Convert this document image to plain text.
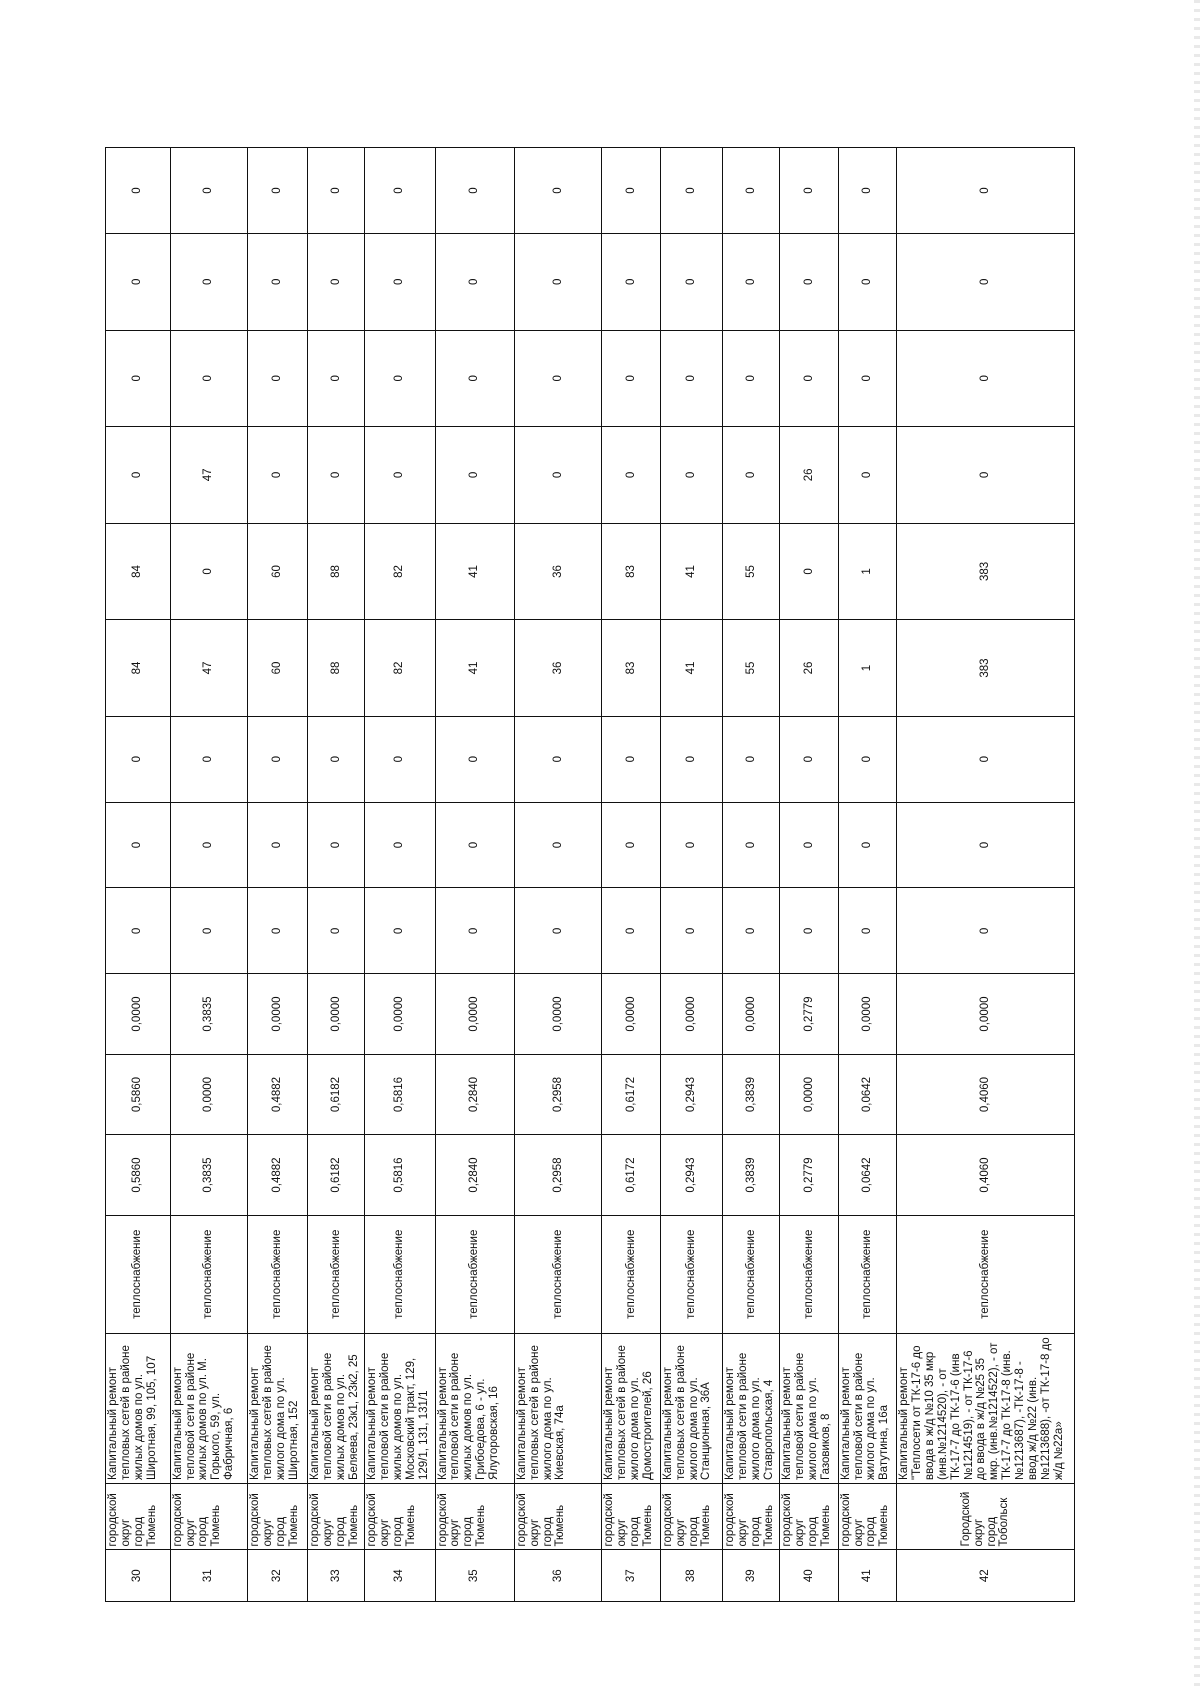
30	городской округ город Тюмень	Капитальный ремонт тепловых сетей в районе жилых домов по ул. Широтная, 99, 105, 107	теплоснабжение	0,5860	0,5860	0,0000	0	0	0	84	84	0	0	0	0
31	городской округ город Тюмень	Капитальный ремонт тепловой сети в районе жилых домов по ул. М. Горького, 59, ул. Фабричная, 6	теплоснабжение	0,3835	0,0000	0,3835	0	0	0	47	0	47	0	0	0
32	городской округ город Тюмень	Капитальный ремонт тепловых сетей в районе жилого дома по ул. Широтная, 152	теплоснабжение	0,4882	0,4882	0,0000	0	0	0	60	60	0	0	0	0
33	городской округ город Тюмень	Капитальный ремонт тепловой сети в районе жилых домов по ул. Беляева, 23к1, 23к2, 25	теплоснабжение	0,6182	0,6182	0,0000	0	0	0	88	88	0	0	0	0
34	городской округ город Тюмень	Капитальный ремонт тепловой сети в районе жилых домов по ул. Московский тракт, 129, 129/1, 131, 131/1	теплоснабжение	0,5816	0,5816	0,0000	0	0	0	82	82	0	0	0	0
35	городской округ город Тюмень	Капитальный ремонт тепловой сети в районе жилых домов по ул. Грибоедова, 6 - ул. Ялуторовская, 16	теплоснабжение	0,2840	0,2840	0,0000	0	0	0	41	41	0	0	0	0
36	городской округ город Тюмень	Капитальный ремонт тепловых сетей в районе жилого дома по ул. Киевская, 74а	теплоснабжение	0,2958	0,2958	0,0000	0	0	0	36	36	0	0	0	0
37	городской округ город Тюмень	Капитальный ремонт тепловых сетей в районе жилого дома по ул. Домостроителей, 26	теплоснабжение	0,6172	0,6172	0,0000	0	0	0	83	83	0	0	0	0
38	городской округ город Тюмень	Капитальный ремонт тепловых сетей в районе жилого дома по ул. Станционная, 36А	теплоснабжение	0,2943	0,2943	0,0000	0	0	0	41	41	0	0	0	0
39	городской округ город Тюмень	Капитальный ремонт тепловой сети в районе жилого дома по ул. Ставропольская, 4	теплоснабжение	0,3839	0,3839	0,0000	0	0	0	55	55	0	0	0	0
40	городской округ город Тюмень	Капитальный ремонт тепловой сети в районе жилого дома по ул. Газовиков, 8	теплоснабжение	0,2779	0,0000	0,2779	0	0	0	26	0	26	0	0	0
41	городской округ город Тюмень	Капитальный ремонт тепловой сети в районе жилого дома по ул. Ватутина, 16а	теплоснабжение	0,0642	0,0642	0,0000	0	0	0	1	1	0	0	0	0
42	Городской округ город Тобольск	Капитальный ремонт "Теплосети от ТК-17-6 до ввода в ж/д №10 35 мкр (инв.№1214520), - от ТК-17-7 до ТК-17-6 (инв №1214519), - от ТК-17-6 до ввода в ж/д №25 35 мкр. (инв.№1214522), - от ТК-17-7 до ТК-17-8 (инв.№1213687), -ТК-17-8 - ввод ж/д №22 (инв.№1213688), -от ТК-17-8 до ж/д №22а»	теплоснабжение	0,4060	0,4060	0,0000	0	0	0	383	383	0	0	0	0
